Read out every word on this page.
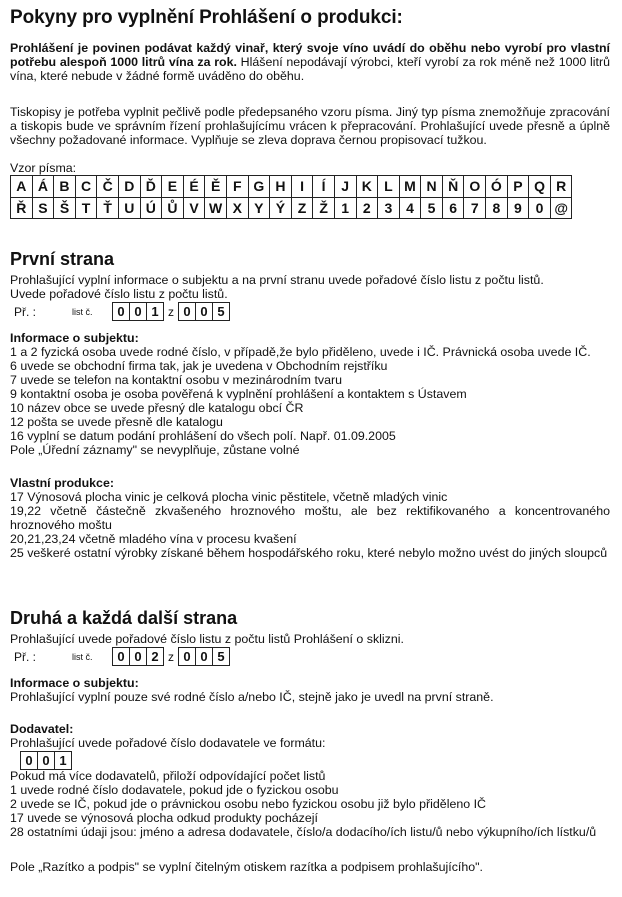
Pokyny pro vyplnění Prohlášení o produkci:

Prohlášení je povinen podávat každý vinař, který svoje víno uvádí do oběhu nebo vyrobí pro vlastní potřebu alespoň 1000 litrů vína za rok. Hlášení nepodávají výrobci, kteří vyrobí za rok méně než 1000 litrů vína, které nebude v žádné formě uváděno do oběhu.

Tiskopisy je potřeba vyplnit pečlivě podle předepsaného vzoru písma. Jiný typ písma znemožňuje zpracování a tiskopis bude ve správním řízení prohlašujícímu vrácen k přepracování. Prohlašující uvede přesně a úplně všechny požadované informace. Vyplňuje se zleva doprava černou propisovací tužkou.

Vzor písma:
A	Á	B	C	Č	D	Ď	E	É	Ě	F	G	H	I	Í	J	K	L	M	N	Ň	O	Ó	P	Q	R
Ř	S	Š	T	Ť	U	Ú	Ů	V	W	X	Y	Ý	Z	Ž	1	2	3	4	5	6	7	8	9	0	@
První strana
Prohlašující vyplní informace o subjektu a na první stranu uvede pořadové číslo listu z počtu listů.
Uvede pořadové číslo listu z počtu listů.
Př. :	list č.	0 0 1 z 0 0 5
Informace o subjektu:
1 a 2 fyzická osoba uvede rodné číslo, v případě,že bylo přiděleno, uvede i IČ. Právnická osoba uvede IČ.
6 uvede se obchodní firma tak, jak je uvedena v Obchodním rejstříku
7 uvede se telefon na kontaktní osobu v mezinárodním tvaru
9 kontaktní osoba je osoba pověřená k vyplnění prohlášení a kontaktem s Ústavem
10 název obce se uvede přesný dle katalogu obcí ČR
12 pošta se uvede přesně dle katalogu
16 vyplní se datum podání prohlášení do všech polí. Např. 01.09.2005
Pole „Úřední záznamy" se nevyplňuje, zůstane volné
Vlastní produkce:
17 Výnosová plocha vinic je celková plocha vinic pěstitele, včetně mladých vinic

19,22 včetně částečně zkvašeného hroznového moštu, ale bez rektifikovaného a koncentrovaného hroznového moštu

20,21,23,24 včetně mladého vína v procesu kvašení

25 veškeré ostatní výrobky získané během hospodářského roku, které nebylo možno uvést do jiných sloupců

Druhá a každá další strana
Prohlašující uvede pořadové číslo listu z počtu listů Prohlášení o sklizni.
Př. :	list č.	0 0 2 z 0 0 5
Informace o subjektu:
Prohlašující vyplní pouze své rodné číslo a/nebo IČ, stejně jako je uvedl na první straně.
Dodavatel:
Prohlašující uvede pořadové číslo dodavatele ve formátu:
0 0 1
Pokud má více dodavatelů, přiloží odpovídající počet listů
1 uvede rodné číslo dodavatele, pokud jde o fyzickou osobu
2 uvede se IČ, pokud jde o právnickou osobu nebo fyzickou osobu již bylo přiděleno IČ
17 uvede se výnosová plocha odkud produkty pocházejí
28 ostatními údaji jsou: jméno a adresa dodavatele, číslo/a dodacího/ích listu/ů nebo výkupního/ích lístku/ů
Pole „Razítko a podpis" se vyplní čitelným otiskem razítka a podpisem prohlašujícího".
